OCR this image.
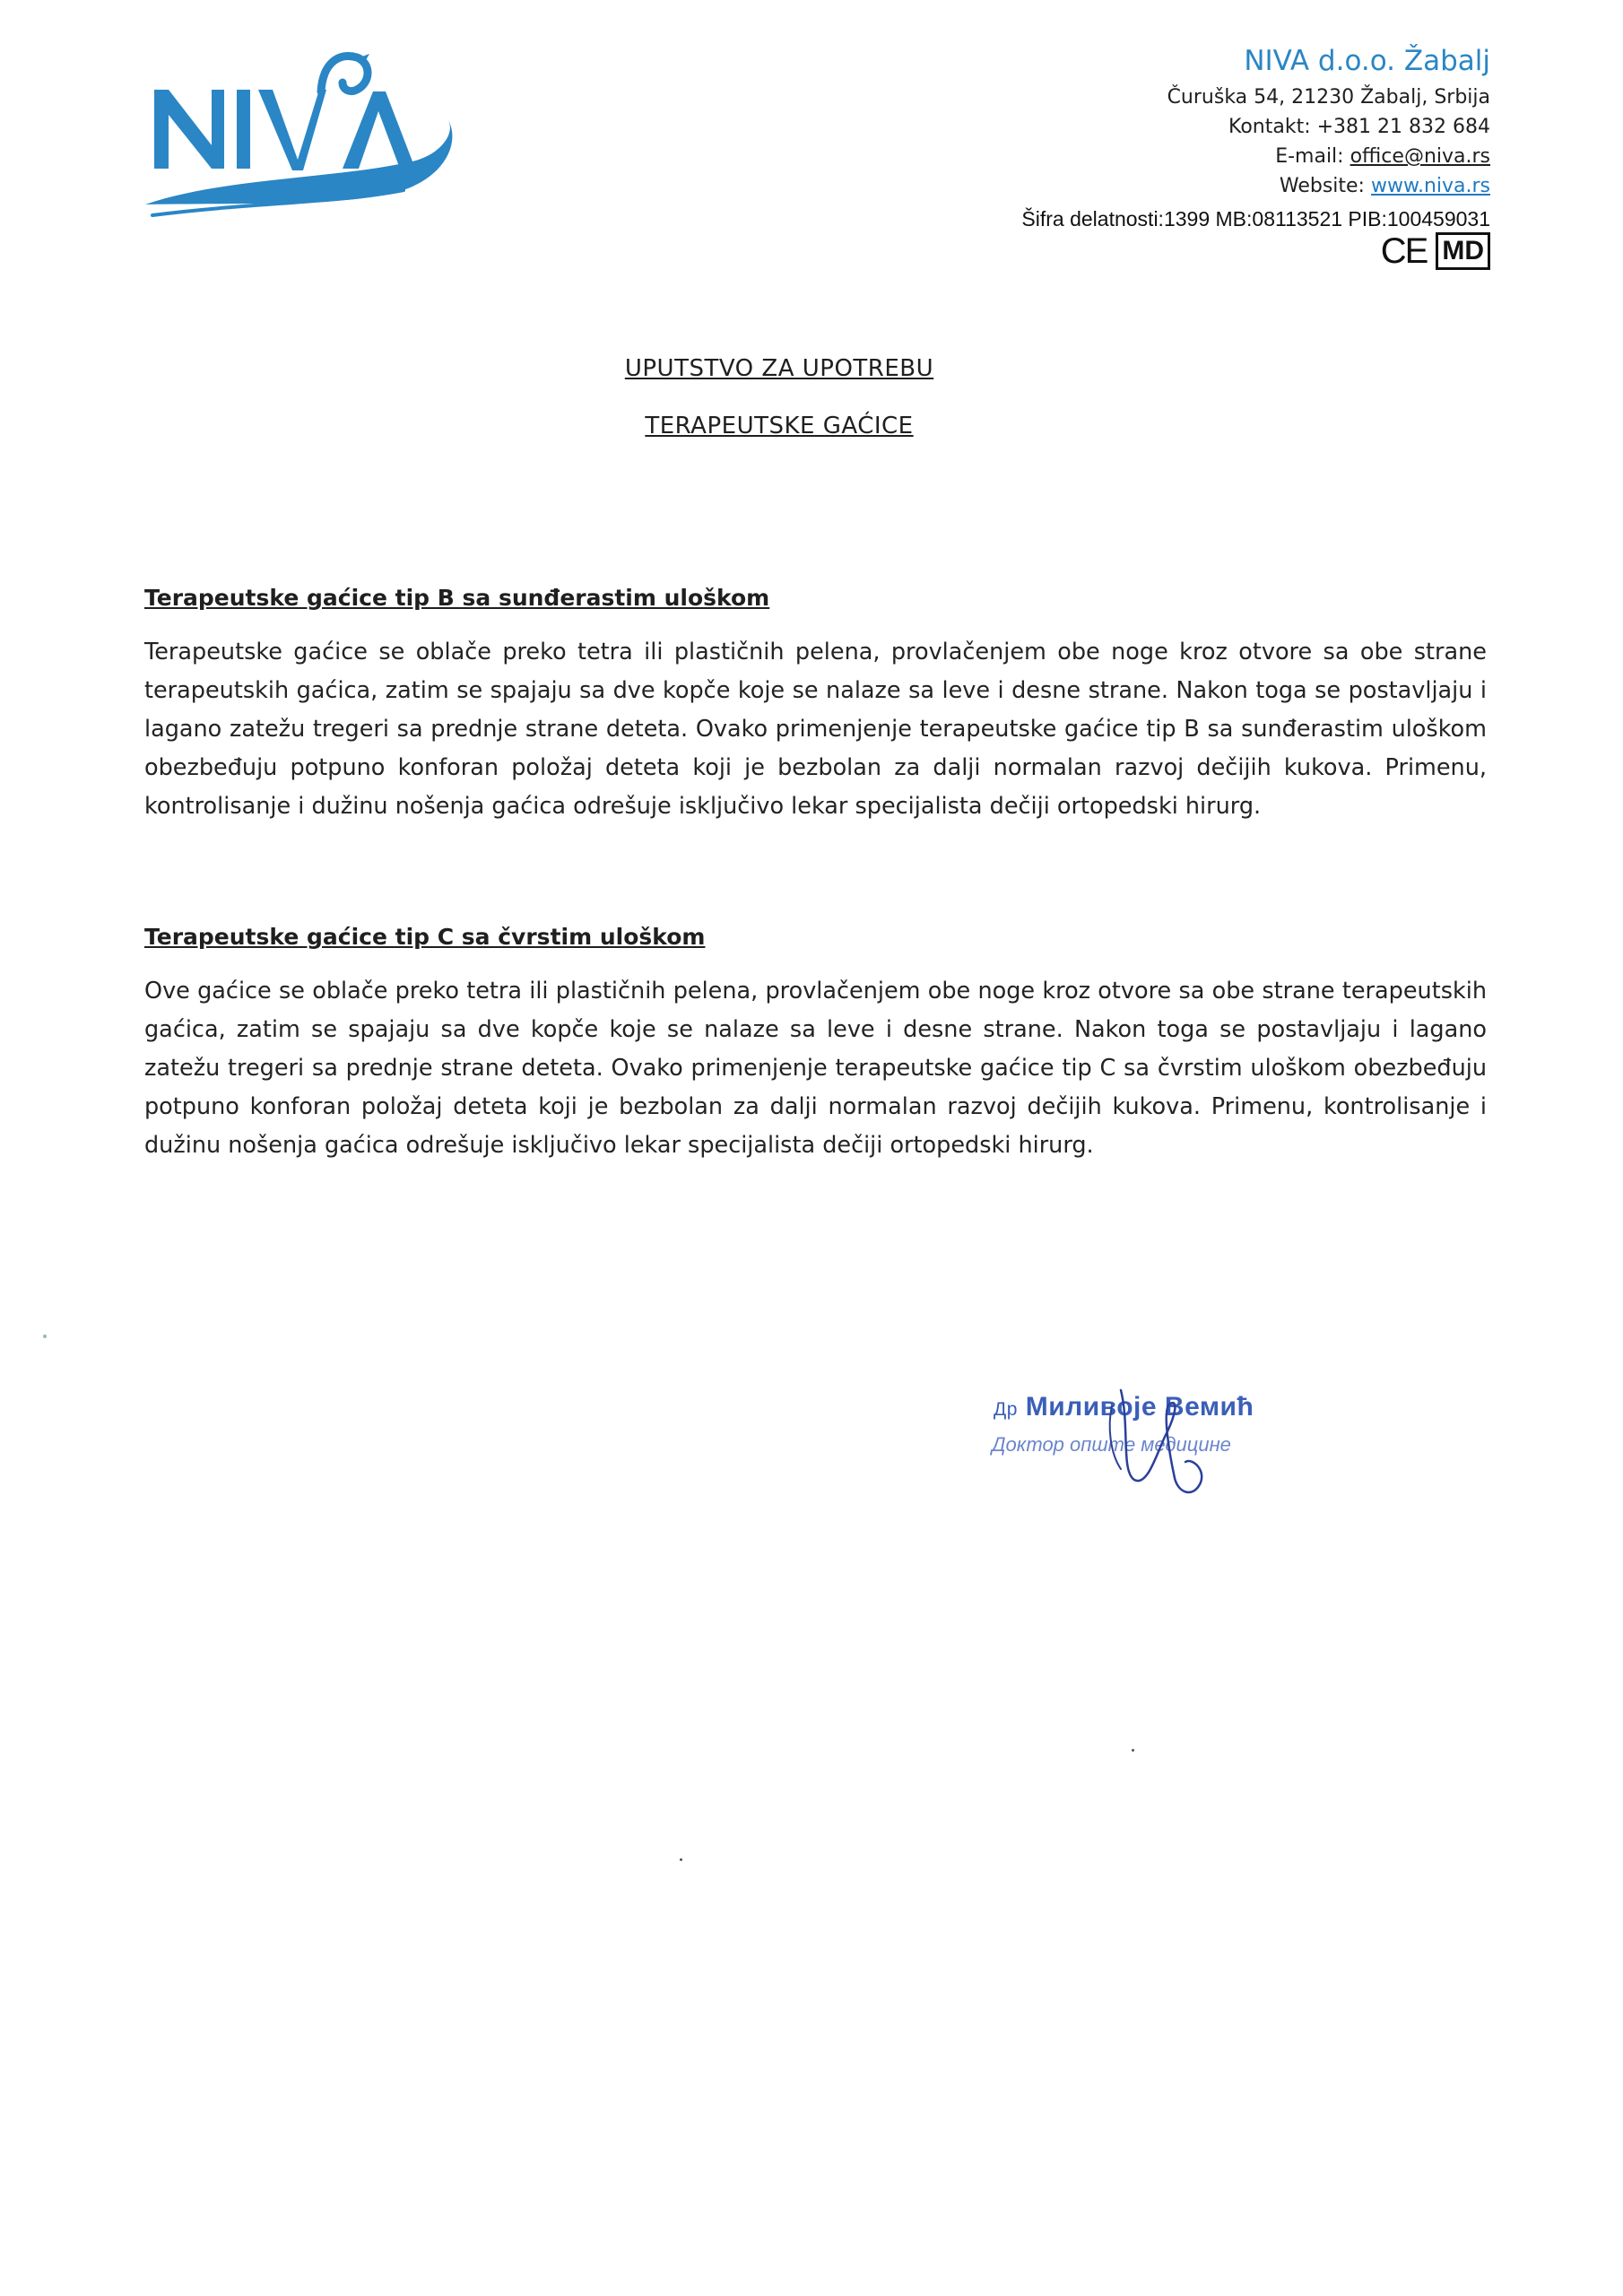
NIVA d.o.o. Žabalj
Čuruška 54, 21230 Žabalj, Srbija
Kontakt: +381 21 832 684
E-mail: office@niva.rs
Website: www.niva.rs
Šifra delatnosti:1399 MB:08113521 PIB:100459031
CE MD
UPUTSTVO ZA UPOTREBU
TERAPEUTSKE GAĆICE
Terapeutske gaćice tip B sa sunđerastim uloškom

Terapeutske gaćice se oblače preko tetra ili plastičnih pelena, provlačenjem obe noge kroz otvore sa obe strane terapeutskih gaćica, zatim se spajaju sa dve kopče koje se nalaze sa leve i desne strane. Nakon toga se postavljaju i lagano zatežu tregeri sa prednje strane deteta. Ovako primenjenje terapeutske gaćice tip B sa sunđerastim uloškom obezbeđuju potpuno konforan položaj deteta koji je bezbolan za dalji normalan razvoj dečijih kukova. Primenu, kontrolisanje i dužinu nošenja gaćica odrešuje isključivo lekar specijalista dečiji ortopedski hirurg.

Terapeutske gaćice tip C sa čvrstim uloškom

Ove gaćice se oblače preko tetra ili plastičnih pelena, provlačenjem obe noge kroz otvore sa obe strane terapeutskih gaćica, zatim se spajaju sa dve kopče koje se nalaze sa leve i desne strane. Nakon toga se postavljaju i lagano zatežu tregeri sa prednje strane deteta. Ovako primenjenje terapeutske gaćice tip C sa čvrstim uloškom obezbeđuju potpuno konforan položaj deteta koji je bezbolan za dalji normalan razvoj dečijih kukova. Primenu, kontrolisanje i dužinu nošenja gaćica odrešuje isključivo lekar specijalista dečiji ortopedski hirurg.

Др Миливоје Вемић
Доктор опште медицине
